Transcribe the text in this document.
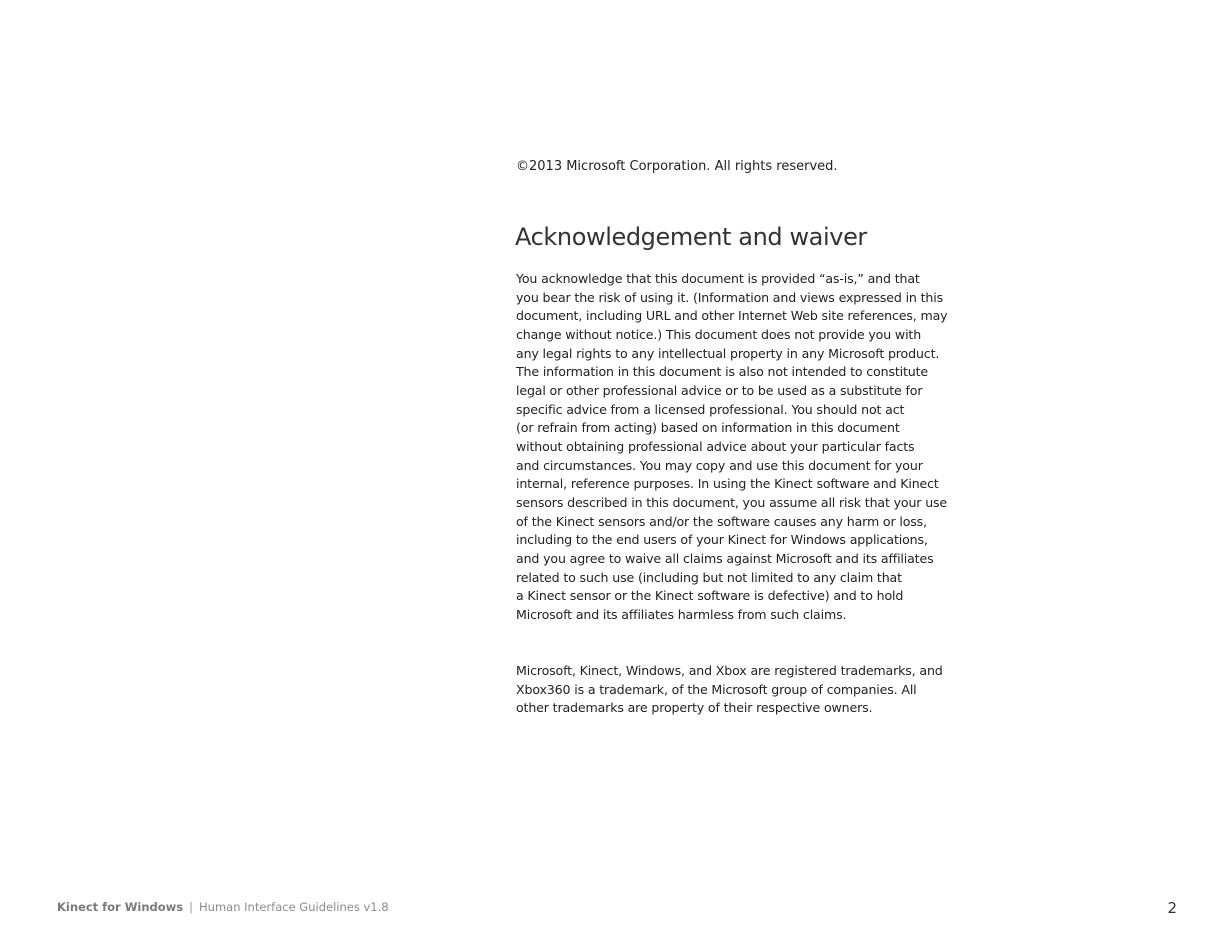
©2013 Microsoft Corporation. All rights reserved.
Acknowledgement and waiver
You acknowledge that this document is provided “as-is,” and that
you bear the risk of using it. (Information and views expressed in this
document, including URL and other Internet Web site references, may
change without notice.) This document does not provide you with
any legal rights to any intellectual property in any Microsoft product.
The information in this document is also not intended to constitute
legal or other professional advice or to be used as a substitute for
specific advice from a licensed professional. You should not act
(or refrain from acting) based on information in this document
without obtaining professional advice about your particular facts
and circumstances. You may copy and use this document for your
internal, reference purposes. In using the Kinect software and Kinect
sensors described in this document, you assume all risk that your use
of the Kinect sensors and/or the software causes any harm or loss,
including to the end users of your Kinect for Windows applications,
and you agree to waive all claims against Microsoft and its affiliates
related to such use (including but not limited to any claim that
a Kinect sensor or the Kinect software is defective) and to hold
Microsoft and its affiliates harmless from such claims.
Microsoft, Kinect, Windows, and Xbox are registered trademarks, and
Xbox360 is a trademark, of the Microsoft group of companies. All
other trademarks are property of their respective owners.
Kinect for Windows | Human Interface Guidelines v1.8	2
